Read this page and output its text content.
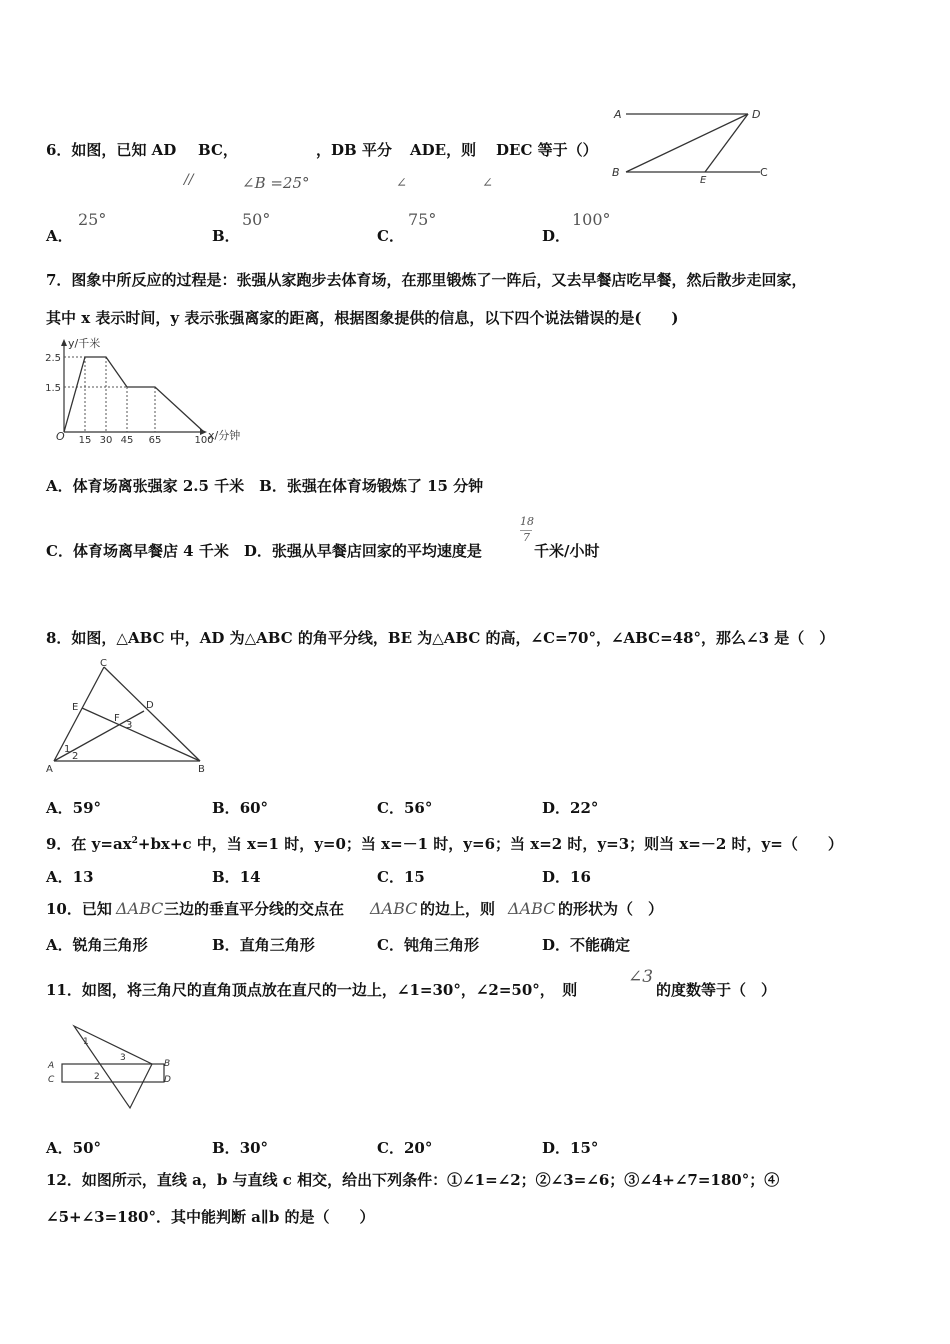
6．如图，已知 AD BC，	，DB 平分 ADE，则 DEC 等于（）
//	∠B =25°	∠	∠
A	D
B
E
C
A．
25°
B．
50°
C．
75°
D．
100°
7．图象中所反应的过程是：张强从家跑步去体育场，在那里锻炼了一阵后，又去早餐店吃早餐，然后散步走回家，
其中 x 表示时间，y 表示张强离家的距离，根据图象提供的信息，以下四个说法错误的是(　　)
y/千米
x/分钟
O 15 30 45 65	100
2.5
1.5
A．体育场离张强家 2.5 千米　B．张强在体育场锻炼了 15 分钟
C．体育场离早餐店 4 千米　D．张强从早餐店回家的平均速度是
18
7
千米/小时
8．如图，△ABC 中，AD 为△ABC 的角平分线，BE 为△ABC 的高，∠C=70°，∠ABC=48°，那么∠3 是（　）
C
E	D
F
3
1
2
A	B
A．59°	B．60°	C．56°	D．22°
9．在 $y=ax^2+bx+c$ 中，当 x=1 时，y=0；当 x=－1 时，y=6；当 x=2 时，y=3；则当 x=－2 时，y=（　　）
A．13	B．14	C．15	D．16
10．已知 ΔABC 三边的垂直平分线的交点在 ΔABC 的边上，则 ΔABC 的形状为（　）
A．锐角三角形	B．直角三角形	C．钝角三角形	D．不能确定
11．如图，将三角尺的直角顶点放在直尺的一边上，∠1=30°，∠2=50°，　则
∠3
的度数等于（　）
1
3
2
A
C
B
D
A．50°	B．30°	C．20°	D．15°
12．如图所示，直线 a，b 与直线 c 相交，给出下列条件：①∠1=∠2；②∠3=∠6；③∠4+∠7=180°；④
∠5+∠3=180°．其中能判断 a∥b 的是（　　）
